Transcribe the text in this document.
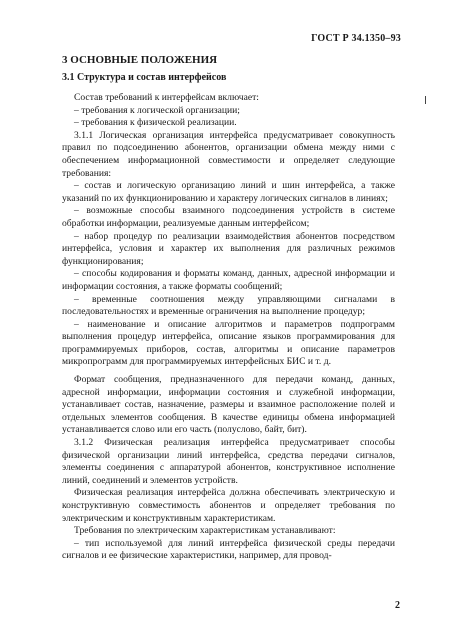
ГОСТ Р 34.1350–93
3 ОСНОВНЫЕ ПОЛОЖЕНИЯ
3.1 Структура и состав интерфейсов

Состав требований к интерфейсам включает:

– требования к логической организации;

– требования к физической реализации.

3.1.1 Логическая организация интерфейса предусматривает совокупность правил по подсоединению абонентов, организации обмена между ними с обеспечением информационной совместимости и определяет следующие требования:

– состав и логическую организацию линий и шин интерфейса, а также указаний по их функционированию и характеру логических сигналов в линиях;

– возможные способы взаимного подсоединения устройств в системе обработки информации, реализуемые данным интерфейсом;

– набор процедур по реализации взаимодействия абонентов посредством интерфейса, условия и характер их выполнения для различных режимов функционирования;

– способы кодирования и форматы команд, данных, адресной информации и информации состояния, а также форматы сообщений;

– временные соотношения между управляющими сигналами в последовательностях и временные ограничения на выполнение процедур;

– наименование и описание алгоритмов и параметров подпрограмм выполнения процедур интерфейса, описание языков программирования для программируемых приборов, состав, алгоритмы и описание параметров микропрограмм для программируемых интерфейсных БИС и т. д.

Формат сообщения, предназначенного для передачи команд, данных, адресной информации, информации состояния и служебной информации, устанавливает состав, назначение, размеры и взаимное расположение полей и отдельных элементов сообщения. В качестве единицы обмена информацией устанавливается слово или его часть (полуслово, байт, бит).

3.1.2 Физическая реализация интерфейса предусматривает способы физической организации линий интерфейса, средства передачи сигналов, элементы соединения с аппаратурой абонентов, конструктивное исполнение линий, соединений и элементов устройств.

Физическая реализация интерфейса должна обеспечивать электрическую и конструктивную совместимость абонентов и определяет требования по электрическим и конструктивным характеристикам.

Требования по электрическим характеристикам устанавливают:

– тип используемой для линий интерфейса физической среды передачи сигналов и ее физические характеристики, например, для провод-

2
